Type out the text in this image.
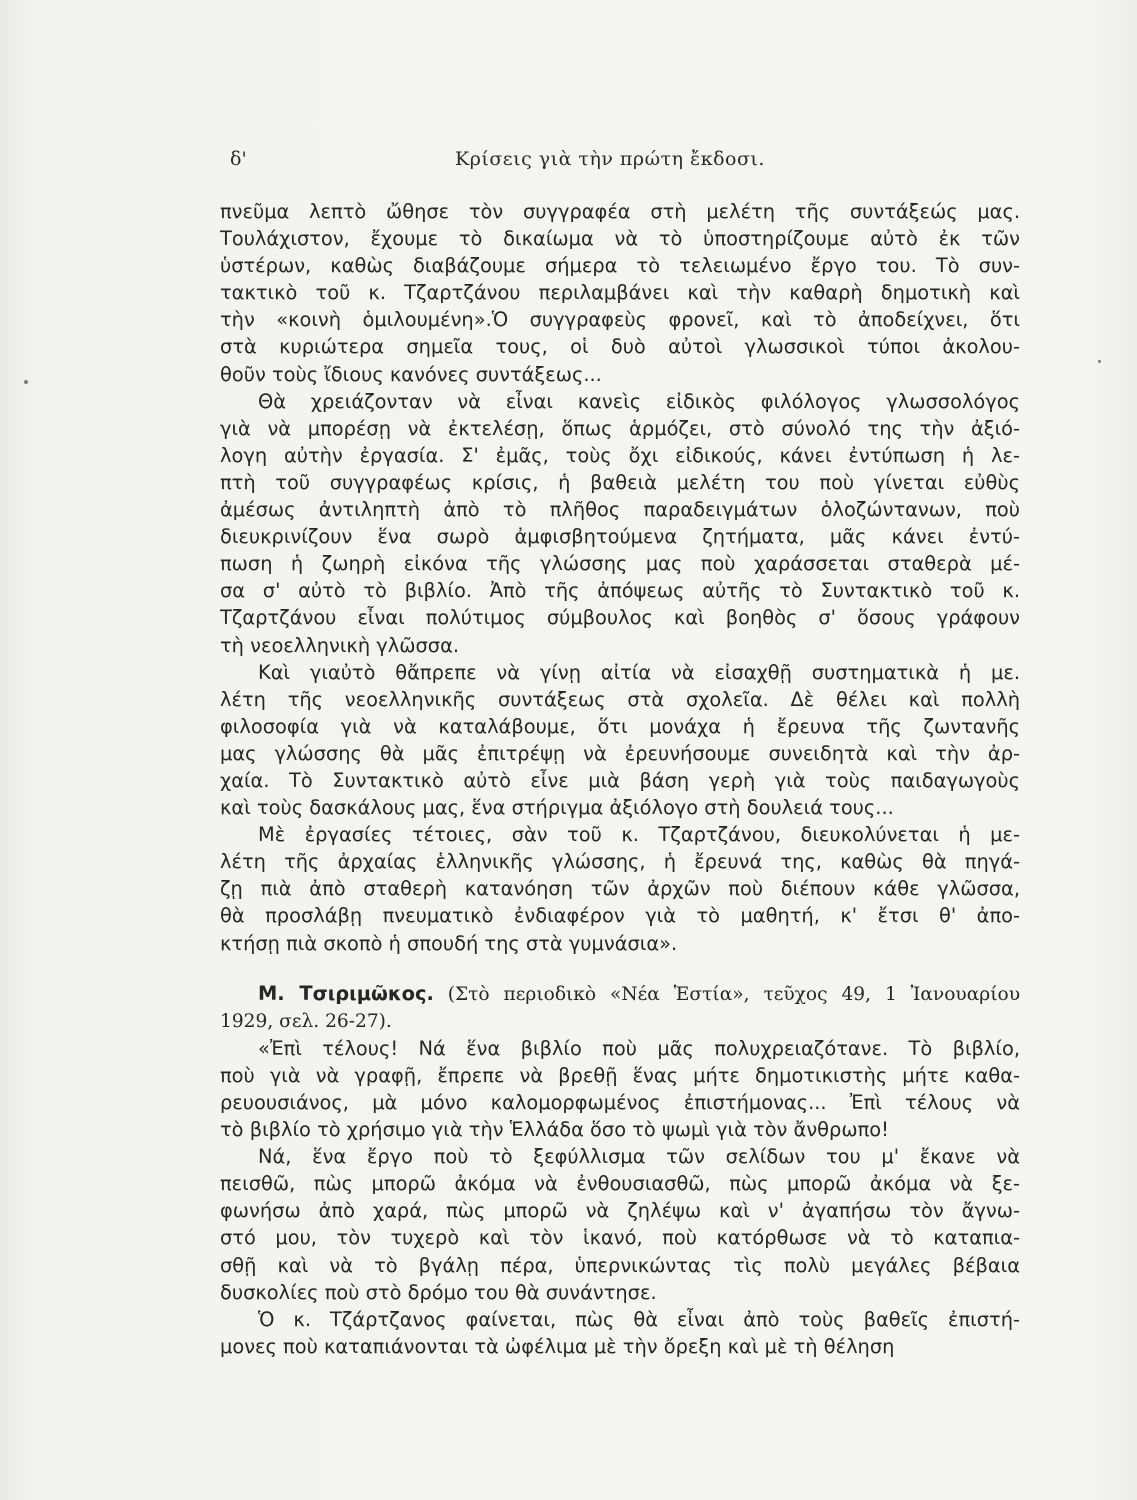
δ'	Κρίσεις γιὰ τὴν πρώτη ἔκδοσι.

πνεῦμα λεπτὸ ὤθησε τὸν συγγραφέα στὴ μελέτη τῆς συντάξεώς μας.
Τουλάχιστον, ἔχουμε τὸ δικαίωμα νὰ τὸ ὑποστηρίζουμε αὐτὸ ἐκ τῶν
ὑστέρων, καθὼς διαβάζουμε σήμερα τὸ τελειωμένο ἔργο του. Τὸ συν-
τακτικὸ τοῦ κ. Τζαρτζάνου περιλαμβάνει καὶ τὴν καθαρὴ δημοτικὴ καὶ
τὴν «κοινὴ ὁμιλουμένη».Ὁ συγγραφεὺς φρονεῖ, καὶ τὸ ἀποδείχνει, ὅτι
στὰ κυριώτερα σημεῖα τους, οἱ δυὸ αὐτοὶ γλωσσικοὶ τύποι ἀκολου-
θοῦν τοὺς ἴδιους κανόνες συντάξεως...

Θὰ χρειάζονταν νὰ εἶναι κανεὶς εἰδικὸς φιλόλογος γλωσσολόγος
γιὰ νὰ μπορέσῃ νὰ ἐκτελέσῃ, ὅπως ἁρμόζει, στὸ σύνολό της τὴν ἀξιό-
λογη αὐτὴν ἐργασία. Σ' ἐμᾶς, τοὺς ὄχι εἰδικούς, κάνει ἐντύπωση ἡ λε-
πτὴ τοῦ συγγραφέως κρίσις, ἡ βαθειὰ μελέτη του ποὺ γίνεται εὐθὺς
ἀμέσως ἀντιληπτὴ ἀπὸ τὸ πλῆθος παραδειγμάτων ὁλοζώντανων, ποὺ
διευκρινίζουν ἕνα σωρὸ ἀμφισβητούμενα ζητήματα, μᾶς κάνει ἐντύ-
πωση ἡ ζωηρὴ εἰκόνα τῆς γλώσσης μας ποὺ χαράσσεται σταθερὰ μέ-
σα σ' αὐτὸ τὸ βιβλίο. Ἀπὸ τῆς ἀπόψεως αὐτῆς τὸ Συντακτικὸ τοῦ κ.
Τζαρτζάνου εἶναι πολύτιμος σύμβουλος καὶ βοηθὸς σ' ὅσους γράφουν
τὴ νεοελληνικὴ γλῶσσα.

Καὶ γιαὐτὸ θἄπρεπε νὰ γίνῃ αἰτία νὰ εἰσαχθῇ συστηματικὰ ἡ με.
λέτη τῆς νεοελληνικῆς συντάξεως στὰ σχολεῖα. Δὲ θέλει καὶ πολλὴ
φιλοσοφία γιὰ νὰ καταλάβουμε, ὅτι μονάχα ἡ ἔρευνα τῆς ζωντανῆς
μας γλώσσης θὰ μᾶς ἐπιτρέψῃ νὰ ἐρευνήσουμε συνειδητὰ καὶ τὴν ἀρ-
χαία. Τὸ Συντακτικὸ αὐτὸ εἶνε μιὰ βάση γερὴ γιὰ τοὺς παιδαγωγοὺς
καὶ τοὺς δασκάλους μας, ἕνα στήριγμα ἀξιόλογο στὴ δουλειά τους...

Μὲ ἐργασίες τέτοιες, σὰν τοῦ κ. Τζαρτζάνου, διευκολύνεται ἡ με-
λέτη τῆς ἀρχαίας ἑλληνικῆς γλώσσης, ἡ ἔρευνά της, καθὼς θὰ πηγά-
ζῃ πιὰ ἀπὸ σταθερὴ κατανόηση τῶν ἀρχῶν ποὺ διέπουν κάθε γλῶσσα,
θὰ προσλάβῃ πνευματικὸ ἐνδιαφέρον γιὰ τὸ μαθητή, κ' ἔτσι θ' ἀπο-
κτήσῃ πιὰ σκοπὸ ἡ σπουδή της στὰ γυμνάσια».

Μ. Τσιριμῶκος. (Στὸ περιοδικὸ «Νέα Ἑστία», τεῦχος 49, 1 Ἰανουαρίου
1929, σελ. 26-27).

«Ἐπὶ τέλους! Νά ἕνα βιβλίο ποὺ μᾶς πολυχρειαζότανε. Τὸ βιβλίο,
ποὺ γιὰ νὰ γραφῇ, ἔπρεπε νὰ βρεθῇ ἕνας μήτε δημοτικιστὴς μήτε καθα-
ρευουσιάνος, μὰ μόνο καλομορφωμένος ἐπιστήμονας... Ἐπὶ τέλους νὰ
τὸ βιβλίο τὸ χρήσιμο γιὰ τὴν Ἑλλάδα ὅσο τὸ ψωμὶ γιὰ τὸν ἄνθρωπο!

Νά, ἕνα ἔργο ποὺ τὸ ξεφύλλισμα τῶν σελίδων του μ' ἔκανε νὰ
πεισθῶ, πὼς μπορῶ ἀκόμα νὰ ἐνθουσιασθῶ, πὼς μπορῶ ἀκόμα νὰ ξε-
φωνήσω ἀπὸ χαρά, πὼς μπορῶ νὰ ζηλέψω καὶ ν' ἀγαπήσω τὸν ἄγνω-
στό μου, τὸν τυχερὸ καὶ τὸν ἱκανό, ποὺ κατόρθωσε νὰ τὸ καταπια-
σθῇ καὶ νὰ τὸ βγάλῃ πέρα, ὑπερνικώντας τὶς πολὺ μεγάλες βέβαια
δυσκολίες ποὺ στὸ δρόμο του θὰ συνάντησε.

Ὁ κ. Τζάρτζανος φαίνεται, πὼς θὰ εἶναι ἀπὸ τοὺς βαθεῖς ἐπιστή-
μονες ποὺ καταπιάνονται τὰ ὠφέλιμα μὲ τὴν ὄρεξη καὶ μὲ τὴ θέληση
